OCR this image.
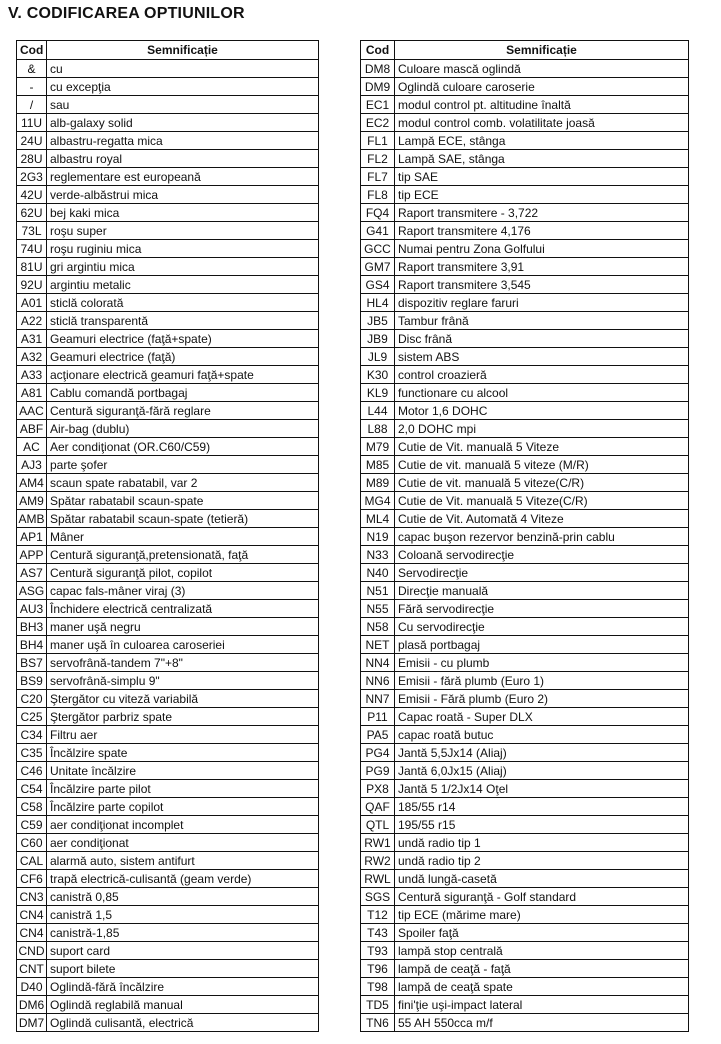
V. CODIFICAREA OPTIUNILOR
Cod	Semnificație
&	cu
-	cu excepţia
/	sau
11U	alb-galaxy solid
24U	albastru-regatta mica
28U	albastru royal
2G3	reglementare est europeană
42U	verde-albăstrui mica
62U	bej kaki mica
73L	roşu super
74U	roşu ruginiu mica
81U	gri argintiu mica
92U	argintiu metalic
A01	sticlă colorată
A22	sticlă transparentă
A31	Geamuri electrice (faţă+spate)
A32	Geamuri electrice (faţă)
A33	acţionare electrică geamuri faţă+spate
A81	Cablu comandă portbagaj
AAC	Centură siguranţă-fără reglare
ABF	Air-bag (dublu)
AC	Aer condiţionat (OR.C60/C59)
AJ3	parte şofer
AM4	scaun spate rabatabil, var 2
AM9	Spătar rabatabil scaun-spate
AMB	Spătar rabatabil scaun-spate (tetieră)
AP1	Mâner
APP	Centură siguranţă,pretensionată, faţă
AS7	Centură siguranţă pilot, copilot
ASG	capac fals-mâner viraj (3)
AU3	Închidere electrică centralizată
BH3	maner uşă negru
BH4	maner uşă în culoarea caroseriei
BS7	servofrână-tandem 7"+8"
BS9	servofrână-simplu 9"
C20	Ştergător cu viteză variabilă
C25	Ştergător parbriz spate
C34	Filtru aer
C35	Încălzire spate
C46	Unitate încălzire
C54	Încălzire parte pilot
C58	Încălzire parte copilot
C59	aer condiţionat incomplet
C60	aer condiţionat
CAL	alarmă auto, sistem antifurt
CF6	trapă electrică-culisantă (geam verde)
CN3	canistră 0,85
CN4	canistră 1,5
CN4	canistră-1,85
CND	suport card
CNT	suport bilete
D40	Oglindă-fără încălzire
DM6	Oglindă reglabilă manual
DM7	Oglindă culisantă, electrică
Cod	Semnificație
DM8	Culoare mască oglindă
DM9	Oglindă culoare caroserie
EC1	modul control pt. altitudine înaltă
EC2	modul control comb. volatilitate joasă
FL1	Lampă ECE, stânga
FL2	Lampă SAE, stânga
FL7	tip SAE
FL8	tip ECE
FQ4	Raport transmitere - 3,722
G41	Raport transmitere 4,176
GCC	Numai pentru Zona Golfului
GM7	Raport transmitere 3,91
GS4	Raport transmitere 3,545
HL4	dispozitiv reglare faruri
JB5	Tambur frână
JB9	Disc frână
JL9	sistem ABS
K30	control croazieră
KL9	functionare cu alcool
L44	Motor 1,6 DOHC
L88	2,0 DOHC mpi
M79	Cutie de Vit. manuală 5 Viteze
M85	Cutie de vit. manuală 5 viteze (M/R)
M89	Cutie de vit. manuală 5 viteze(C/R)
MG4	Cutie de Vit. manuală 5 Viteze(C/R)
ML4	Cutie de Vit. Automată 4 Viteze
N19	capac buşon rezervor benzină-prin cablu
N33	Coloană servodirecţie
N40	Servodirecţie
N51	Direcţie manuală
N55	Fără servodirecţie
N58	Cu servodirecţie
NET	plasă portbagaj
NN4	Emisii - cu plumb
NN6	Emisii - fără plumb (Euro 1)
NN7	Emisii - Fără plumb (Euro 2)
P11	Capac roată - Super DLX
PA5	capac roată butuc
PG4	Jantă 5,5Jx14 (Aliaj)
PG9	Jantă 6,0Jx15 (Aliaj)
PX8	Jantă 5 1/2Jx14 Oţel
QAF	185/55 r14
QTL	195/55 r15
RW1	undă radio tip 1
RW2	undă radio tip 2
RWL	undă lungă-casetă
SGS	Centură siguranţă - Golf standard
T12	tip ECE (mărime mare)
T43	Spoiler faţă
T93	lampă stop centrală
T96	lampă de ceaţă - faţă
T98	lampă de ceaţă spate
TD5	fini'ţie uşi-impact lateral
TN6	55 AH 550cca m/f
